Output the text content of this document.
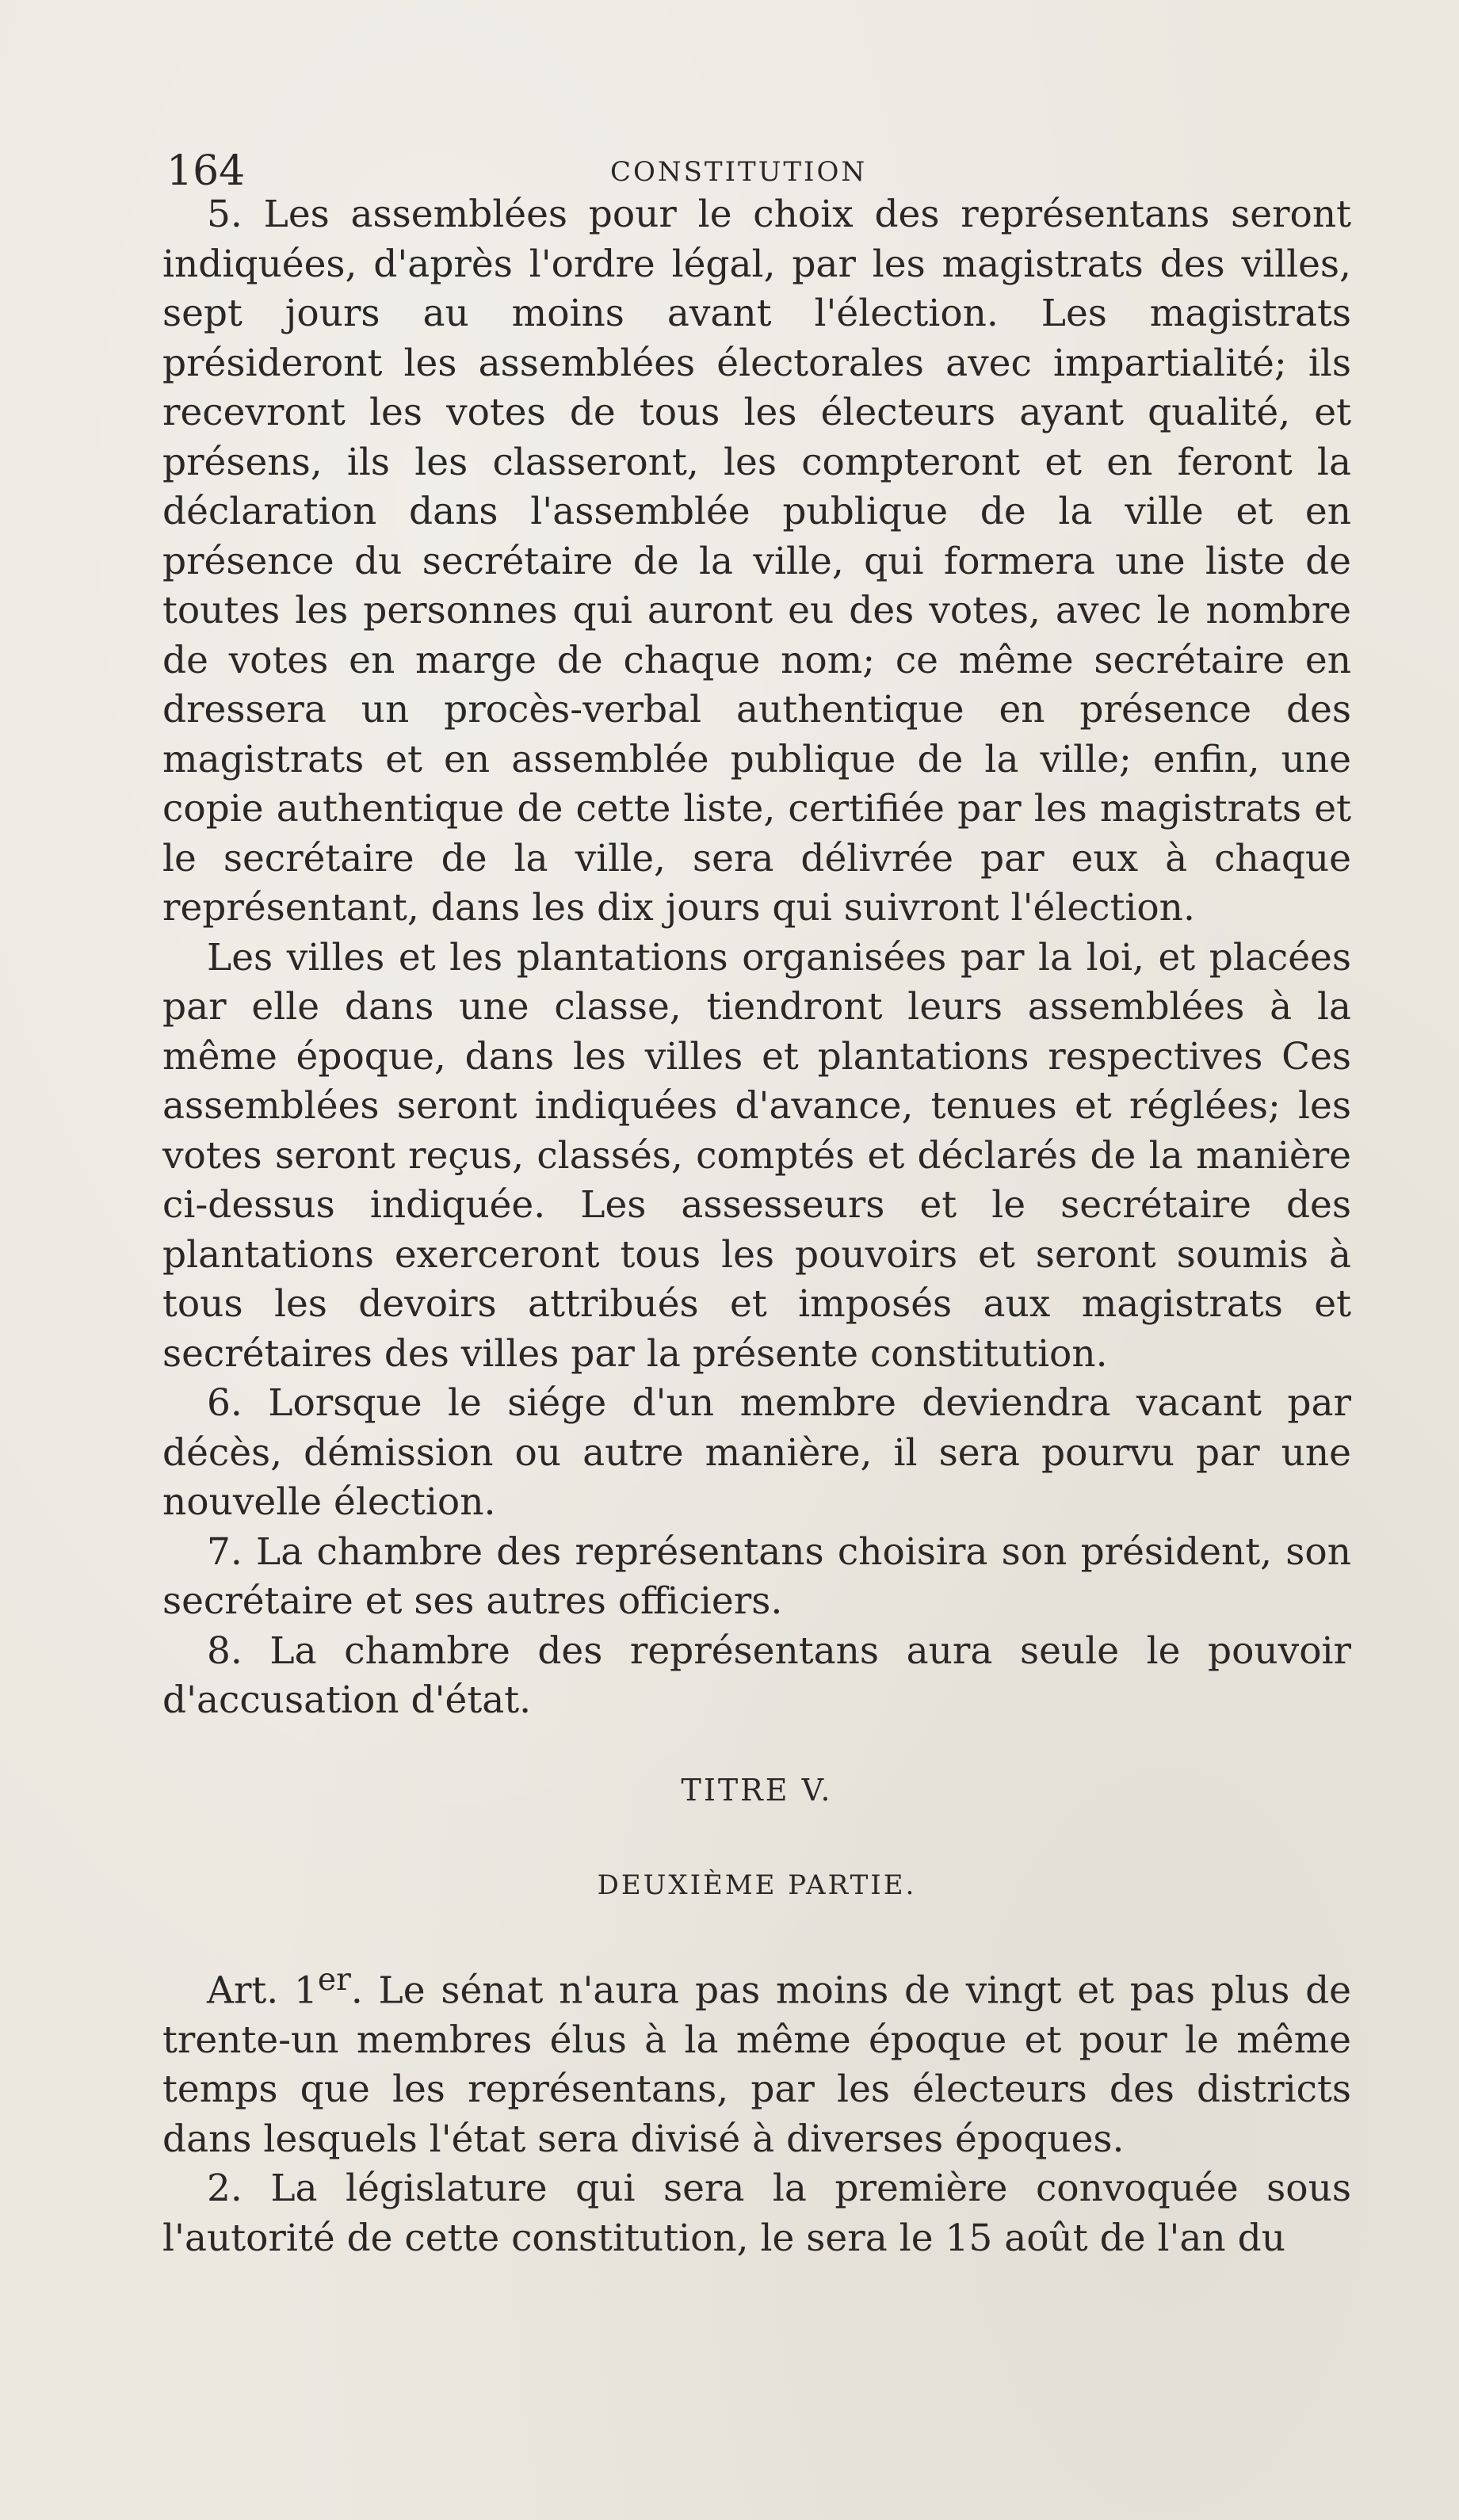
164	CONSTITUTION

5. Les assemblées pour le choix des représentans seront indiquées, d'après l'ordre légal, par les magistrats des villes, sept jours au moins avant l'élection. Les magistrats présideront les assemblées électorales avec impartialité; ils recevront les votes de tous les électeurs ayant qualité, et présens, ils les classeront, les compteront et en feront la déclaration dans l'assemblée publique de la ville et en présence du secrétaire de la ville, qui formera une liste de toutes les personnes qui auront eu des votes, avec le nombre de votes en marge de chaque nom; ce même secrétaire en dressera un procès-verbal authentique en présence des magistrats et en assemblée publique de la ville; enfin, une copie authentique de cette liste, certifiée par les magistrats et le secrétaire de la ville, sera délivrée par eux à chaque représentant, dans les dix jours qui suivront l'élection.

Les villes et les plantations organisées par la loi, et placées par elle dans une classe, tiendront leurs assemblées à la même époque, dans les villes et plantations respectives Ces assemblées seront indiquées d'avance, tenues et réglées; les votes seront reçus, classés, comptés et déclarés de la manière ci-dessus indiquée. Les assesseurs et le secrétaire des plantations exerceront tous les pouvoirs et seront soumis à tous les devoirs attribués et imposés aux magistrats et secrétaires des villes par la présente constitution.

6. Lorsque le siége d'un membre deviendra vacant par décès, démission ou autre manière, il sera pourvu par une nouvelle élection.

7. La chambre des représentans choisira son président, son secrétaire et ses autres officiers.

8. La chambre des représentans aura seule le pouvoir d'accusation d'état.

TITRE V.

DEUXIÈME PARTIE.

Art. 1er. Le sénat n'aura pas moins de vingt et pas plus de trente-un membres élus à la même époque et pour le même temps que les représentans, par les électeurs des districts dans lesquels l'état sera divisé à diverses époques.

2. La législature qui sera la première convoquée sous l'autorité de cette constitution, le sera le 15 août de l'an du
